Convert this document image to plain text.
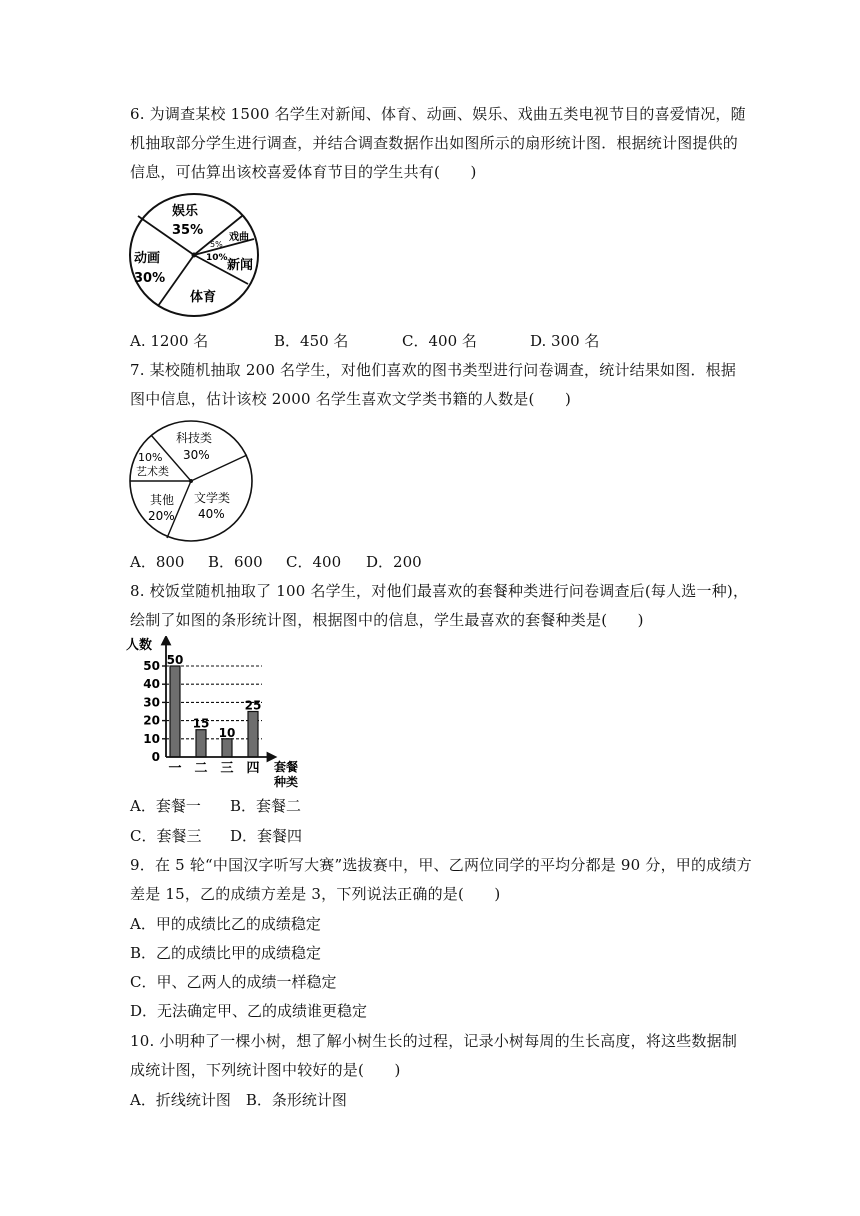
6. 为调查某校 1500 名学生对新闻、体育、动画、娱乐、戏曲五类电视节目的喜爱情况，随
机抽取部分学生进行调查，并结合调查数据作出如图所示的扇形统计图．根据统计图提供的
信息，可估算出该校喜爱体育节目的学生共有(　　)
娱乐
35%	戏曲
5%
10% 新闻
体育
动画
30%
A. 1200 名	B．450 名	C．400 名	D. 300 名
7. 某校随机抽取 200 名学生，对他们喜欢的图书类型进行问卷调查，统计结果如图．根据
图中信息，估计该校 2000 名学生喜欢文学类书籍的人数是(　　)
科技类
30%
文学类
40%
其他
20%
艺术类
10%
A．800 B．600 C．400 D．200
8. 校饭堂随机抽取了 100 名学生，对他们最喜欢的套餐种类进行问卷调查后(每人选一种)，
绘制了如图的条形统计图，根据图中的信息，学生最喜欢的套餐种类是(　　)
人数
套餐
种类
50
15
10
25
0
10
20
30
40
50
一 二 三 四
A．套餐一 B．套餐二
C．套餐三 D．套餐四
9．在 5 轮“中国汉字听写大赛”选拔赛中，甲、乙两位同学的平均分都是 90 分，甲的成绩方
差是 15，乙的成绩方差是 3，下列说法正确的是(　　)
A．甲的成绩比乙的成绩稳定
B．乙的成绩比甲的成绩稳定
C．甲、乙两人的成绩一样稳定
D．无法确定甲、乙的成绩谁更稳定
10. 小明种了一棵小树，想了解小树生长的过程，记录小树每周的生长高度，将这些数据制
成统计图，下列统计图中较好的是(　　)
A．折线统计图　B．条形统计图
